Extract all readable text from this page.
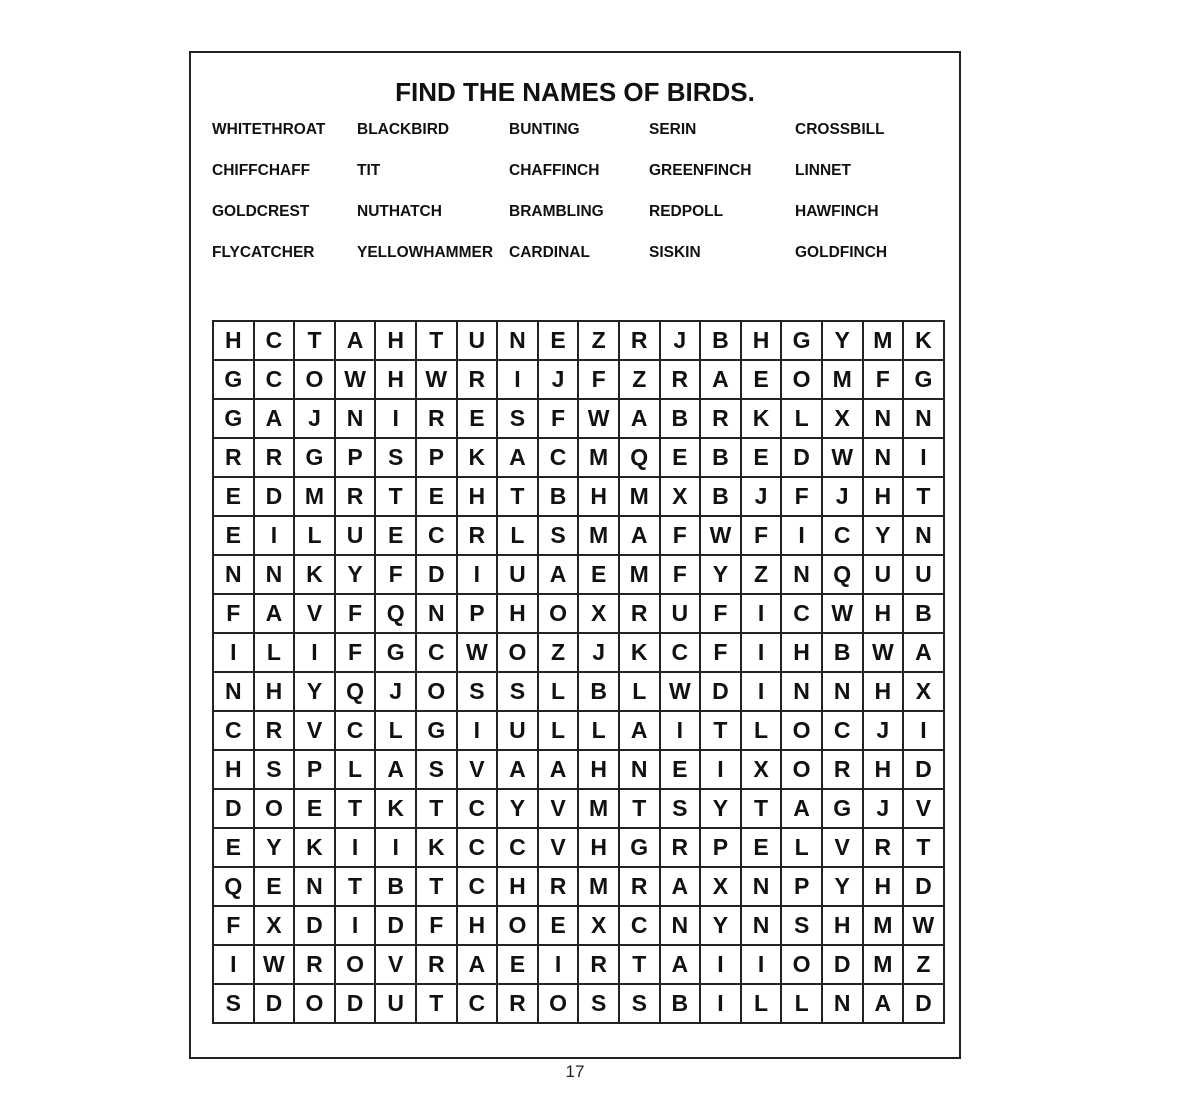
FIND THE NAMES OF BIRDS.
WHITETHROAT BLACKBIRD	BUNTING	SERIN	CROSSBILL
CHIFFCHAFF	TIT	CHAFFINCH	GREENFINCH	LINNET
GOLDCREST	NUTHATCH	BRAMBLING	REDPOLL	HAWFINCH
FLYCATCHER	YELLOWHAMMER CARDINAL	SISKIN	GOLDFINCH
H	C	T	A	H	T	U	N	E	Z	R	J	B	H	G	Y	M K
G	C	O W H W R	I	J	F	Z	R	A	E	O M	F	G
G	A	J	N	I	R	E	S	F W A	B	R	K	L	X	N	N
R	R	G	P	S	P	K	A	C M Q	E	B	E	D W N	I
E	D M R	T	E	H	T	B	H M	X	B	J	F	J	H	T
E	I	L	U	E	C	R	L	S	M A	F W F	I	C	Y	N
N	N	K	Y	F	D	I	U	A	E	M	F	Y	Z	N	Q	U	U
F	A	V	F	Q	N	P	H	O	X	R	U	F	I	C W H	B
I	L	I	F	G	C W O	Z	J	K	C	F	I	H	B W A
N	H	Y	Q	J	O	S	S	L	B	L W D	I	N	N	H	X
C	R	V	C	L	G	I	U	L	L	A	I	T	L	O	C	J	I
H	S	P	L	A	S	V	A	A	H	N	E	I	X	O	R	H	D
D	O	E	T	K	T	C	Y	V	M	T	S	Y	T	A	G	J	V
E	Y	K	I	I	K	C	C	V	H	G	R	P	E	L	V	R	T
Q	E	N	T	B	T	C	H	R M R	A	X	N	P	Y	H	D
F	X	D	I	D	F	H	O	E	X	C	N	Y	N	S	H M W
I	W R	O	V	R	A	E	I	R	T	A	I	I	O	D M	Z
S	D	O	D	U	T	C	R	O	S	S	B	I	L	L	N	A	D
17
